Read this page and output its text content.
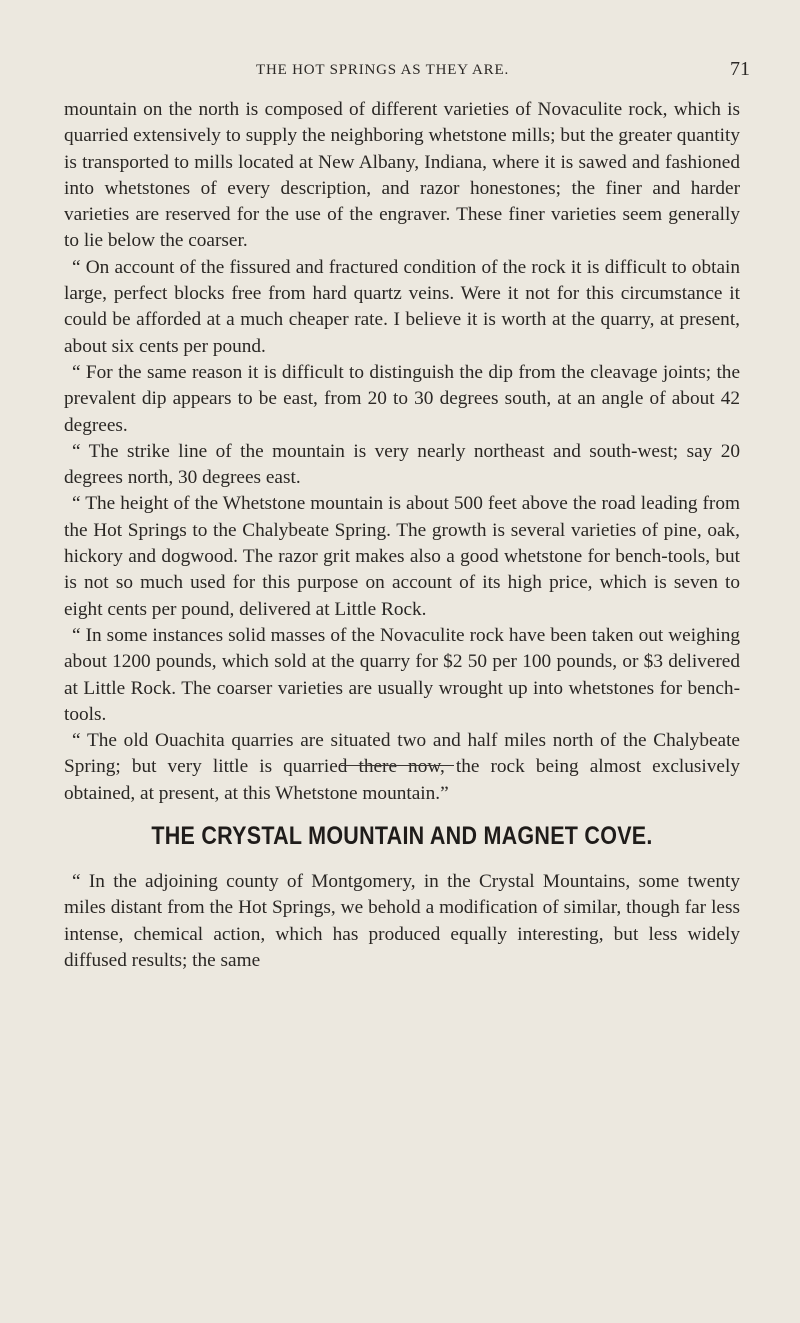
THE HOT SPRINGS AS THEY ARE.	71

mountain on the north is composed of different varieties of Novaculite rock, which is quarried extensively to supply the neighboring whetstone mills; but the greater quantity is transported to mills located at New Albany, Indiana, where it is sawed and fashioned into whetstones of every description, and razor honestones; the finer and harder varieties are reserved for the use of the engraver. These finer varieties seem generally to lie below the coarser.

“ On account of the fissured and fractured condition of the rock it is difficult to obtain large, perfect blocks free from hard quartz veins. Were it not for this circumstance it could be afforded at a much cheaper rate. I believe it is worth at the quarry, at present, about six cents per pound.

“ For the same reason it is difficult to distinguish the dip from the cleavage joints; the prevalent dip appears to be east, from 20 to 30 degrees south, at an angle of about 42 degrees.

“ The strike line of the mountain is very nearly northeast and south-west; say 20 degrees north, 30 degrees east.

“ The height of the Whetstone mountain is about 500 feet above the road leading from the Hot Springs to the Chalybeate Spring. The growth is several varieties of pine, oak, hickory and dogwood. The razor grit makes also a good whetstone for bench-tools, but is not so much used for this purpose on account of its high price, which is seven to eight cents per pound, delivered at Little Rock.

“ In some instances solid masses of the Novaculite rock have been taken out weighing about 1200 pounds, which sold at the quarry for $2 50 per 100 pounds, or $3 delivered at Little Rock. The coarser varieties are usually wrought up into whetstones for bench-tools.

“ The old Ouachita quarries are situated two and half miles north of the Chalybeate Spring; but very little is quarried there now, the rock being almost exclusively obtained, at present, at this Whetstone mountain.”

THE CRYSTAL MOUNTAIN AND MAGNET COVE.

“ In the adjoining county of Montgomery, in the Crystal Mountains, some twenty miles distant from the Hot Springs, we behold a modification of similar, though far less intense, chemical action, which has produced equally interesting, but less widely diffused results; the same
